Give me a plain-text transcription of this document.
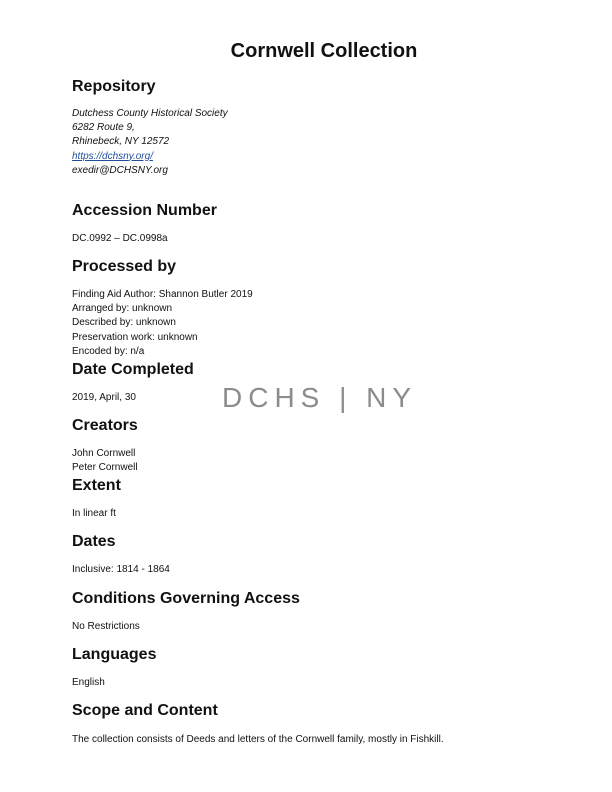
Cornwell Collection
Repository
Dutchess County Historical Society
6282 Route 9,
Rhinebeck, NY 12572
https://dchsny.org/
exedir@DCHSNY.org
Accession Number
DC.0992 – DC.0998a
Processed by
Finding Aid Author: Shannon Butler 2019
Arranged by: unknown
Described by: unknown
Preservation work: unknown
Encoded by: n/a
Date Completed
2019, April, 30	DCHS | NY
Creators
John Cornwell
Peter Cornwell
Extent
In linear ft
Dates
Inclusive: 1814 - 1864
Conditions Governing Access
No Restrictions
Languages
English
Scope and Content
The collection consists of Deeds and letters of the Cornwell family, mostly in Fishkill.
